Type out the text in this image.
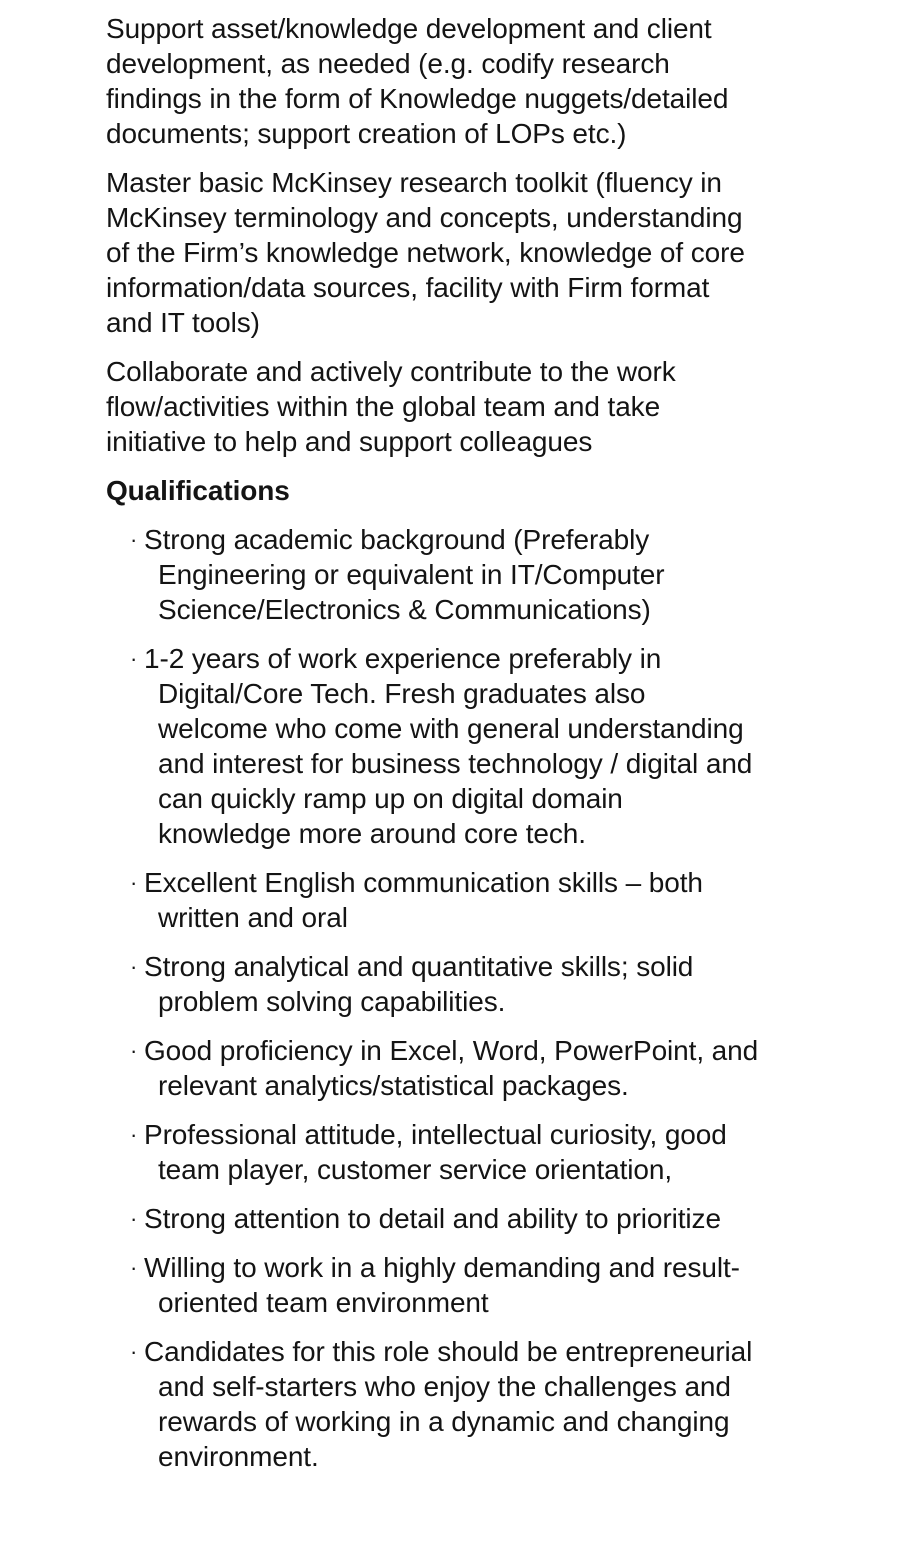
Support asset/knowledge development and client
development, as needed (e.g. codify research
findings in the form of Knowledge nuggets/detailed
documents; support creation of LOPs etc.)
Master basic McKinsey research toolkit (fluency in
McKinsey terminology and concepts, understanding
of the Firm’s knowledge network, knowledge of core
information/data sources, facility with Firm format
and IT tools)
Collaborate and actively contribute to the work
flow/activities within the global team and take
initiative to help and support colleagues
Qualifications
· Strong academic background (Preferably
Engineering or equivalent in IT/Computer
Science/Electronics & Communications)
· 1-2 years of work experience preferably in
Digital/Core Tech. Fresh graduates also
welcome who come with general understanding
and interest for business technology / digital and
can quickly ramp up on digital domain
knowledge more around core tech.
· Excellent English communication skills – both
written and oral
· Strong analytical and quantitative skills; solid
problem solving capabilities.
· Good proficiency in Excel, Word, PowerPoint, and
relevant analytics/statistical packages.
· Professional attitude, intellectual curiosity, good
team player, customer service orientation,
· Strong attention to detail and ability to prioritize
· Willing to work in a highly demanding and result-
oriented team environment
· Candidates for this role should be entrepreneurial
and self-starters who enjoy the challenges and
rewards of working in a dynamic and changing
environment.
